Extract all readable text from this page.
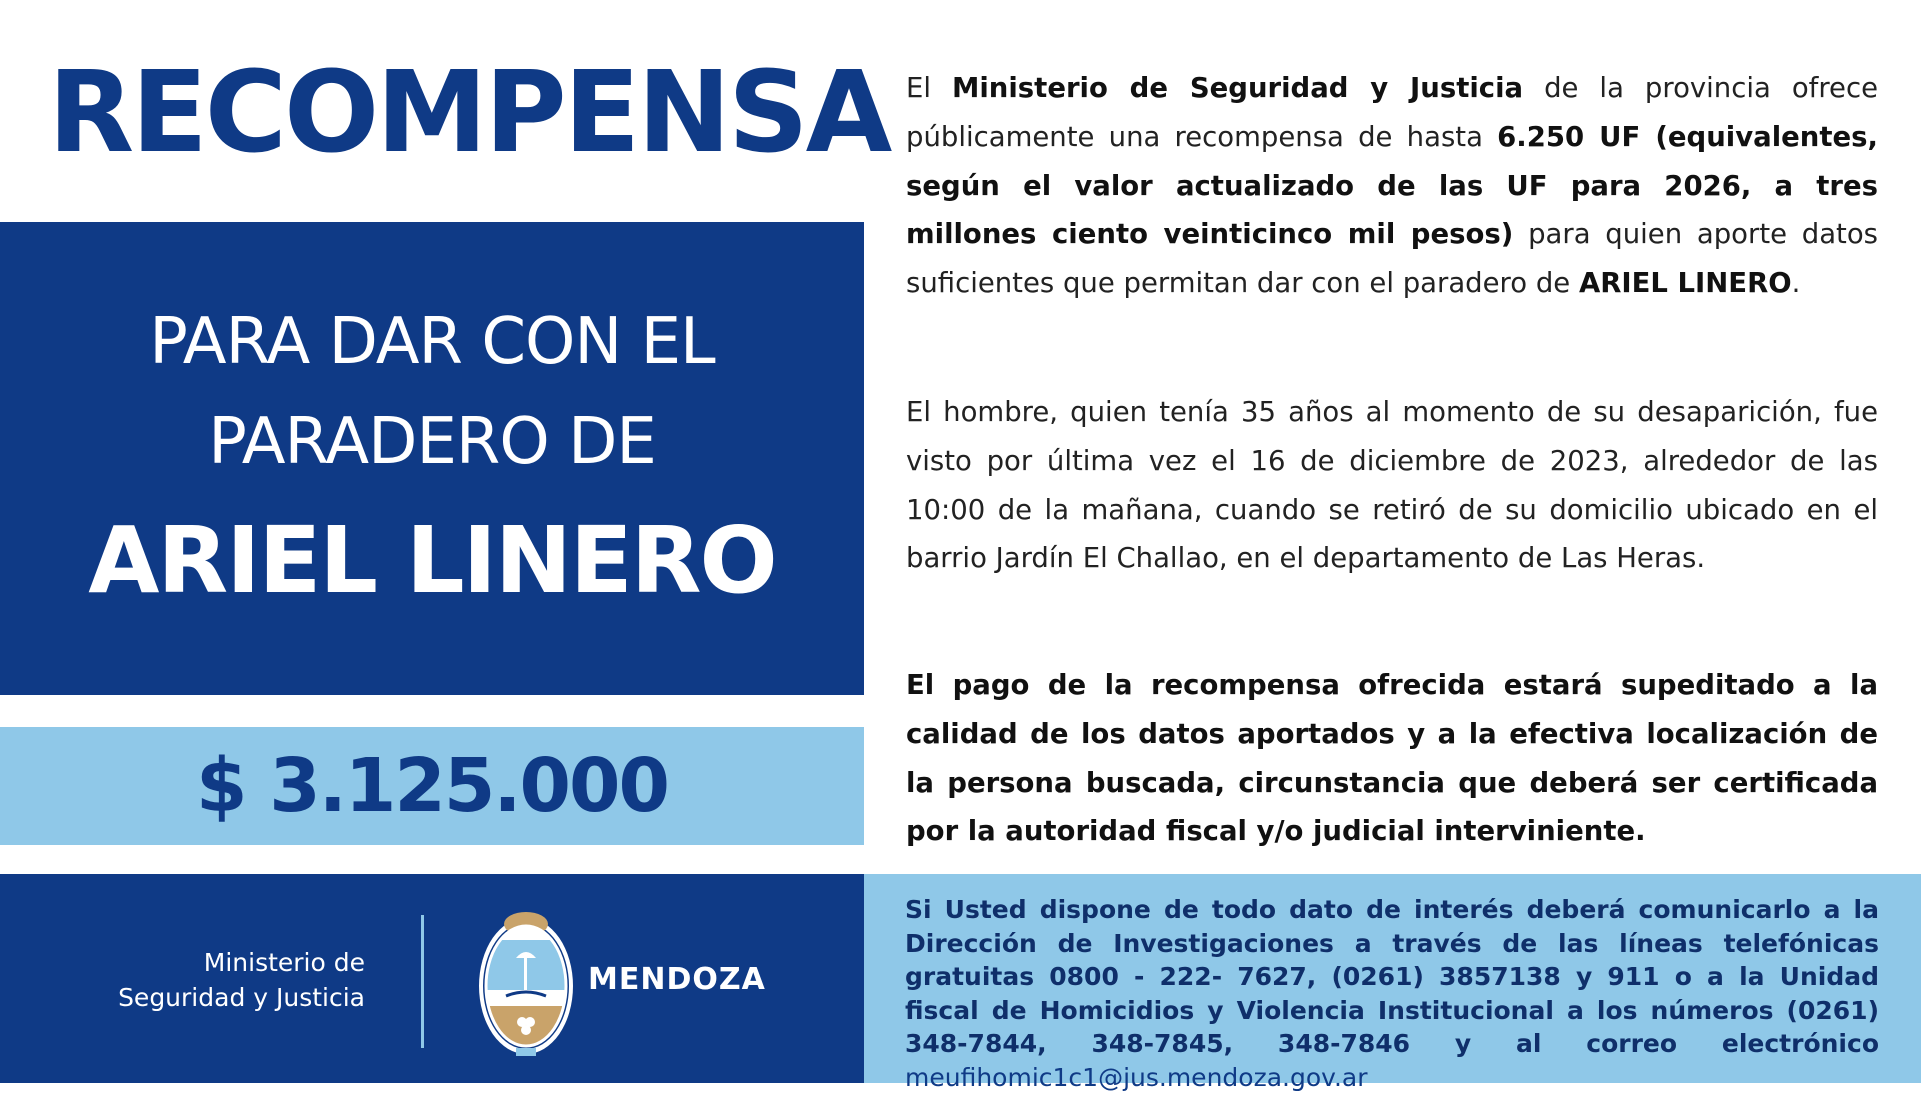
RECOMPENSA
PARA DAR CON EL
PARADERO DE
ARIEL LINERO
$ 3.125.000
El Ministerio de Seguridad y Justicia de la provincia ofrece públicamente una recompensa de hasta 6.250 UF (equivalentes, según el valor actualizado de las UF para 2026, a tres millones ciento veinticinco mil pesos) para quien aporte datos suficientes que permitan dar con el paradero de ARIEL LINERO.
El hombre, quien tenía 35 años al momento de su desaparición, fue visto por última vez el 16 de diciembre de 2023, alrededor de las 10:00 de la mañana, cuando se retiró de su domicilio ubicado en el barrio Jardín El Challao, en el departamento de Las Heras.
El pago de la recompensa ofrecida estará supeditado a la calidad de los datos aportados y a la efectiva localización de la persona buscada, circunstancia que deberá ser certificada por la autoridad fiscal y/o judicial interviniente.
Ministerio de
Seguridad y Justicia
MENDOZA
Si Usted dispone de todo dato de interés deberá comunicarlo a la Dirección de Investigaciones a través de las líneas telefónicas gratuitas 0800 - 222- 7627, (0261) 3857138 y 911 o a la Unidad fiscal de Homicidios y Violencia Institucional a los números (0261) 348-7844, 348-7845, 348-7846 y al correo electrónico meufihomic1c1@jus.mendoza.gov.ar
